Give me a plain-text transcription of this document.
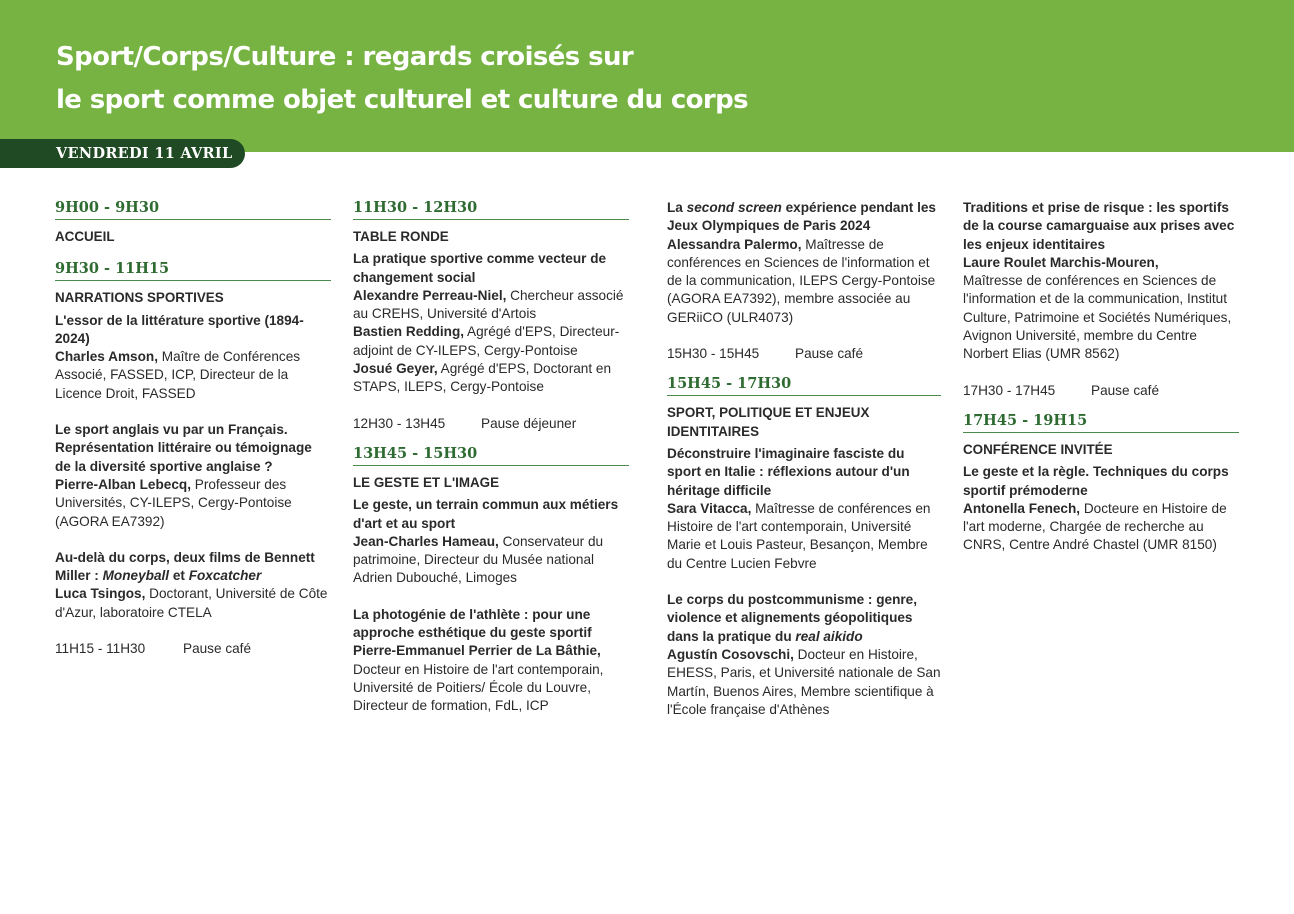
Sport/Corps/Culture : regards croisés sur
le sport comme objet culturel et culture du corps
VENDREDI 11 AVRIL
9H00 - 9H30
ACCUEIL
9H30 - 11H15
NARRATIONS SPORTIVES
L'essor de la littérature sportive (1894-2024)
Charles Amson, Maître de Conférences Associé, FASSED, ICP, Directeur de la Licence Droit, FASSED
Le sport anglais vu par un Français. Représentation littéraire ou témoignage de la diversité sportive anglaise ?
Pierre-Alban Lebecq, Professeur des Universités, CY-ILEPS, Cergy-Pontoise (AGORA EA7392)
Au-delà du corps, deux films de Bennett Miller : Moneyball et Foxcatcher
Luca Tsingos, Doctorant, Université de Côte d'Azur, laboratoire CTELA
11H15 - 11H30	Pause café
11H30 - 12H30
TABLE RONDE
La pratique sportive comme vecteur de changement social
Alexandre Perreau-Niel, Chercheur associé au CREHS, Université d'Artois
Bastien Redding, Agrégé d'EPS, Directeur-adjoint de CY-ILEPS, Cergy-Pontoise
Josué Geyer, Agrégé d'EPS, Doctorant en STAPS, ILEPS, Cergy-Pontoise
12H30 - 13H45	Pause déjeuner
13H45 - 15H30
LE GESTE ET L'IMAGE
Le geste, un terrain commun aux métiers d'art et au sport
Jean-Charles Hameau, Conservateur du patrimoine, Directeur du Musée national Adrien Dubouché, Limoges
La photogénie de l'athlète : pour une approche esthétique du geste sportif
Pierre-Emmanuel Perrier de La Bâthie, Docteur en Histoire de l'art contemporain, Université de Poitiers/ École du Louvre, Directeur de formation, FdL, ICP
La second screen expérience pendant les Jeux Olympiques de Paris 2024
Alessandra Palermo, Maîtresse de conférences en Sciences de l'information et de la communication, ILEPS Cergy-Pontoise (AGORA EA7392), membre associée au GERiiCO (ULR4073)
15H30 - 15H45	Pause café
15H45 - 17H30
SPORT, POLITIQUE ET ENJEUX IDENTITAIRES
Déconstruire l'imaginaire fasciste du sport en Italie : réflexions autour d'un héritage difficile
Sara Vitacca, Maîtresse de conférences en Histoire de l'art contemporain, Université Marie et Louis Pasteur, Besançon, Membre du Centre Lucien Febvre
Le corps du postcommunisme : genre, violence et alignements géopolitiques dans la pratique du real aikido
Agustín Cosovschi, Docteur en Histoire, EHESS, Paris, et Université nationale de San Martín, Buenos Aires, Membre scientifique à l'École française d'Athènes
Traditions et prise de risque : les sportifs de la course camarguaise aux prises avec les enjeux identitaires
Laure Roulet Marchis-Mouren,
Maîtresse de conférences en Sciences de l'information et de la communication, Institut Culture, Patrimoine et Sociétés Numériques, Avignon Université, membre du Centre Norbert Elias (UMR 8562)
17H30 - 17H45	Pause café
17H45 - 19H15
CONFÉRENCE INVITÉE
Le geste et la règle. Techniques du corps sportif prémoderne
Antonella Fenech, Docteure en Histoire de l'art moderne, Chargée de recherche au CNRS, Centre André Chastel (UMR 8150)
